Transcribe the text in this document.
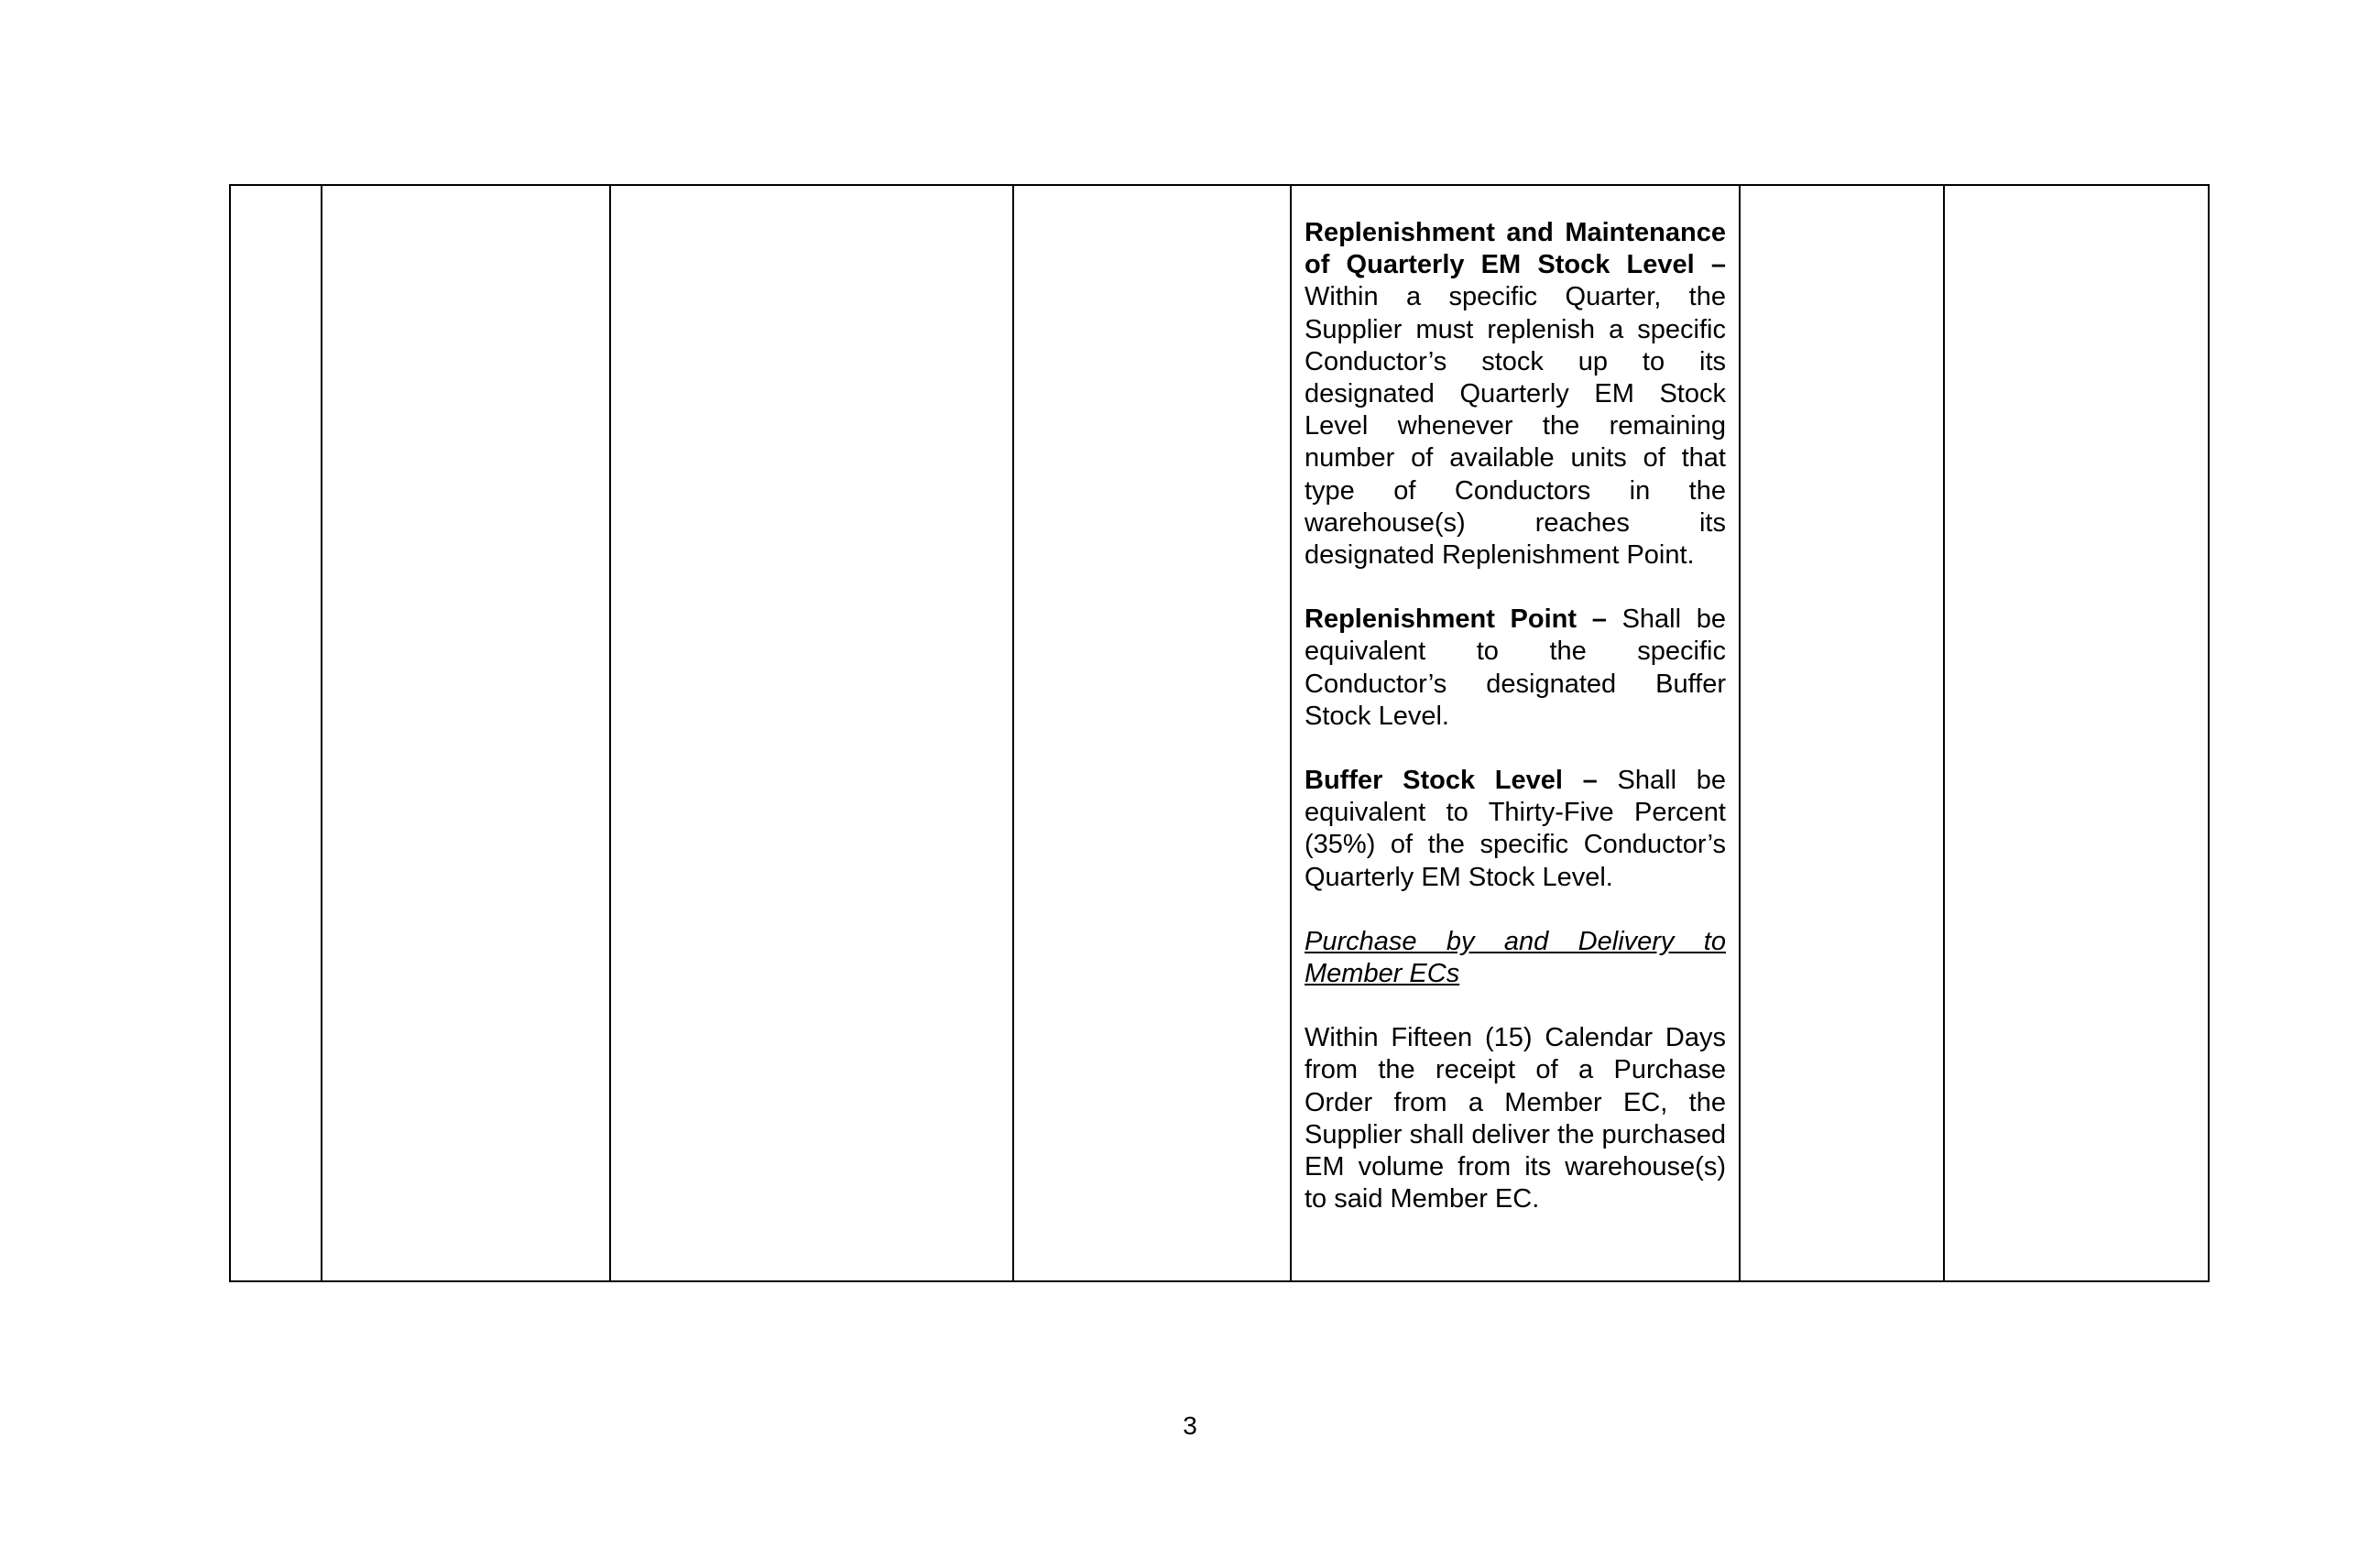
Replenishment and Maintenance of Quarterly EM Stock Level – Within a specific Quarter, the Supplier must replenish a specific Conductor’s stock up to its designated Quarterly EM Stock Level whenever the remaining number of available units of that type of Conductors in the warehouse(s) reaches its designated Replenishment Point.

Replenishment Point – Shall be equivalent to the specific Conductor’s designated Buffer Stock Level.

Buffer Stock Level – Shall be equivalent to Thirty-Five Percent (35%) of the specific Conductor’s Quarterly EM Stock Level.

Purchase by and Delivery to Member ECs

Within Fifteen (15) Calendar Days from the receipt of a Purchase Order from a Member EC, the Supplier shall deliver the purchased EM volume from its warehouse(s) to said Member EC.

3
